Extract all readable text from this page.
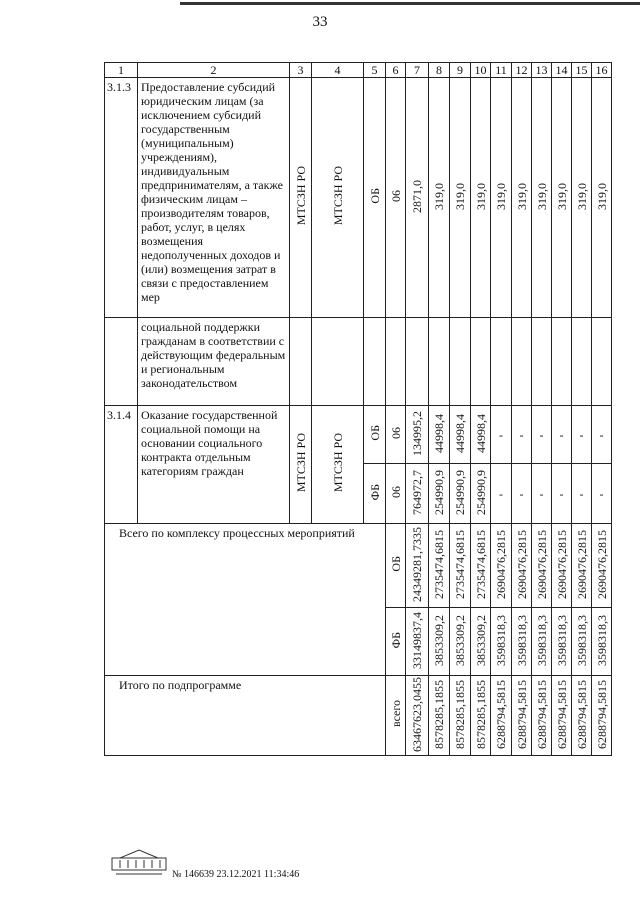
33
1	2	3	4	5	6	7	8	9	10	11	12	13	14	15	16
3.1.3	Предоставление субсидий юридическим лицам (за исключением субсидий государственным (муниципальным) учреждениям), индивидуальным предпринимателям, а также физическим лицам – производителям товаров, работ, услуг, в целях возмещения недополученных доходов и (или) возмещения затрат в связи с предоставлением мер	МТСЗН РО	МТСЗН РО	ОБ	06	2871,0	319,0	319,0	319,0	319,0	319,0	319,0	319,0	319,0	319,0
	социальной поддержки гражданам в соответствии с действующим федеральным и региональным законодательством														
3.1.4	Оказание государственной социальной помощи на основании социального контракта отдельным категориям граждан	МТСЗН РО	МТСЗН РО	ОБ	06	134995,2	44998,4	44998,4	44998,4	-	-	-	-	-	-
				ФБ	06	764972,7	254990,9	254990,9	254990,9	-	-	-	-	-	-
Всего по комплексу процессных мероприятий					ОБ	24349281,7335	2735474,6815	2735474,6815	2735474,6815	2690476,2815	2690476,2815	2690476,2815	2690476,2815	2690476,2815	2690476,2815
					ФБ	33149837,4	3853309,2	3853309,2	3853309,2	3598318,3	3598318,3	3598318,3	3598318,3	3598318,3	3598318,3
Итого по подпрограмме					всего	63467623,0455	8578285,1855	8578285,1855	8578285,1855	6288794,5815	6288794,5815	6288794,5815	6288794,5815	6288794,5815	6288794,5815
№ 146639 23.12.2021 11:34:46
